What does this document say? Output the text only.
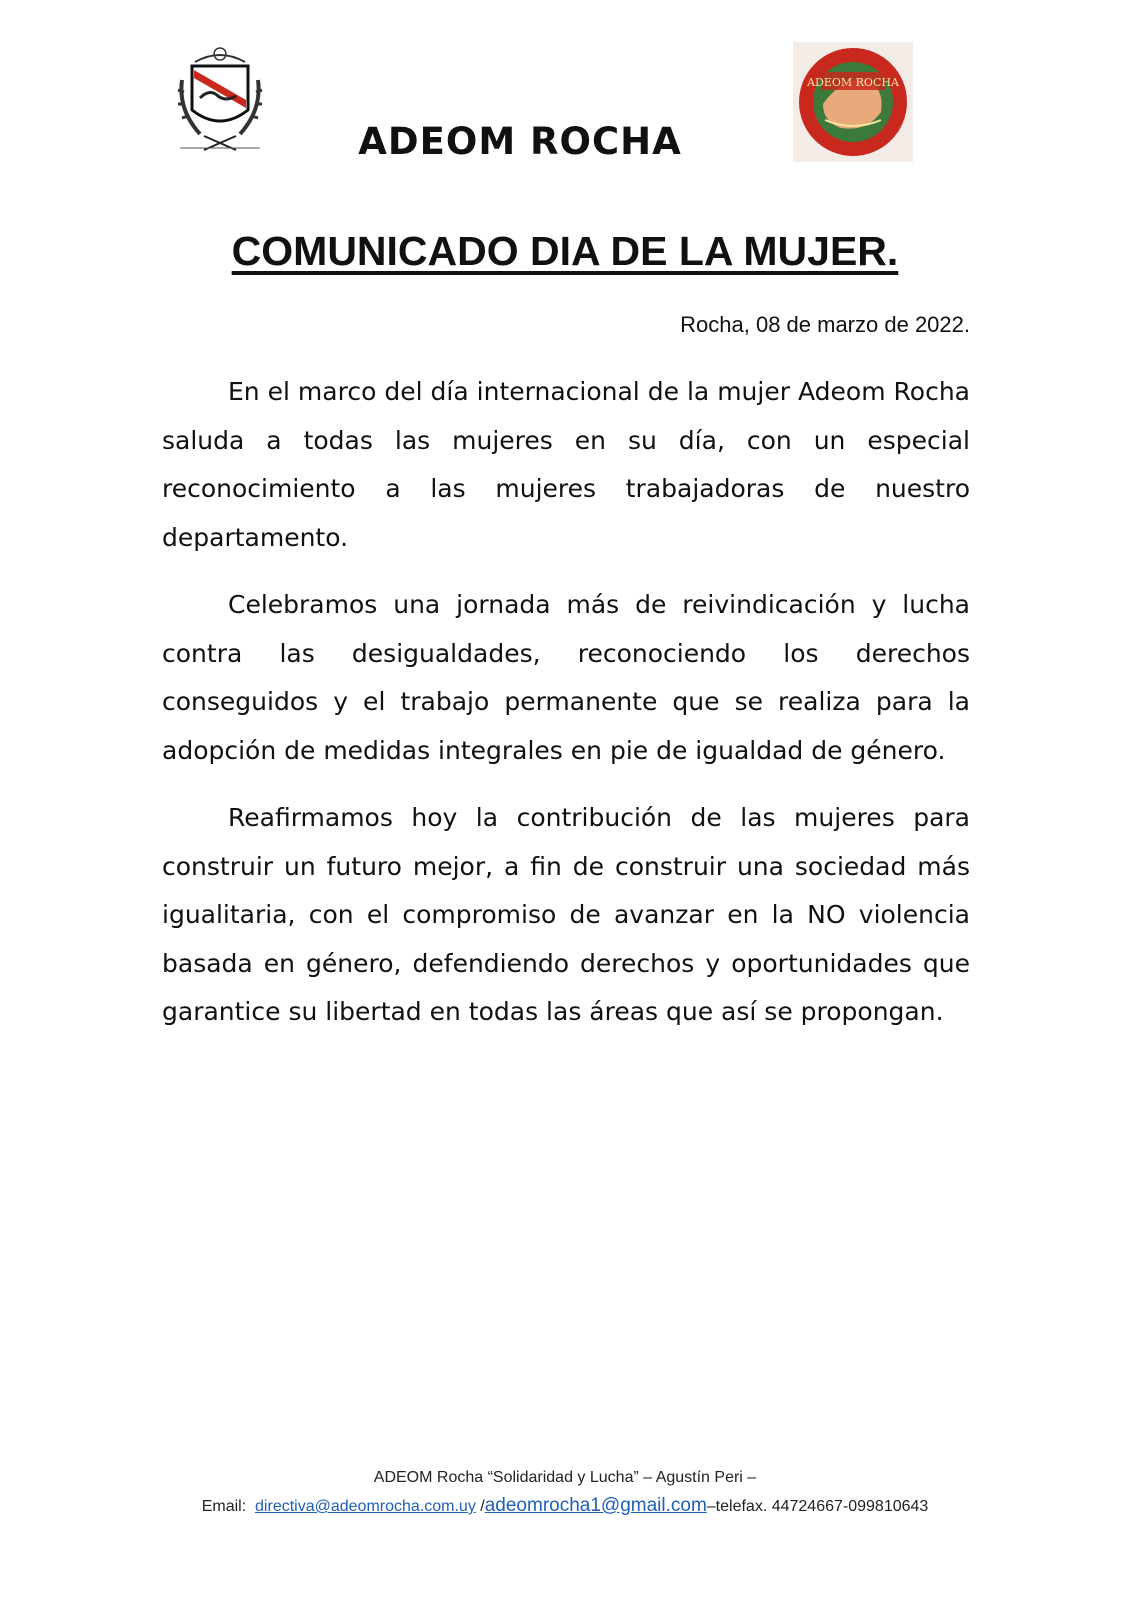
ADEOM ROCHA
ADEOM ROCHA
COMUNICADO DIA DE LA MUJER.
Rocha, 08 de marzo de 2022.

En el marco del día internacional de la mujer Adeom Rocha saluda a todas las mujeres en su día, con un especial reconocimiento a las mujeres trabajadoras de nuestro departamento.

Celebramos una jornada más de reivindicación y lucha contra las desigualdades, reconociendo los derechos conseguidos y el trabajo permanente que se realiza para la adopción de medidas integrales en pie de igualdad de género.

Reafirmamos hoy la contribución de las mujeres para construir un futuro mejor, a fin de construir una sociedad más igualitaria, con el compromiso de avanzar en la NO violencia basada en género, defendiendo derechos y oportunidades que garantice su libertad en todas las áreas que así se propongan.

ADEOM Rocha “Solidaridad y Lucha” – Agustín Peri –
Email: directiva@adeomrocha.com.uy /adeomrocha1@gmail.com–telefax. 44724667-099810643
